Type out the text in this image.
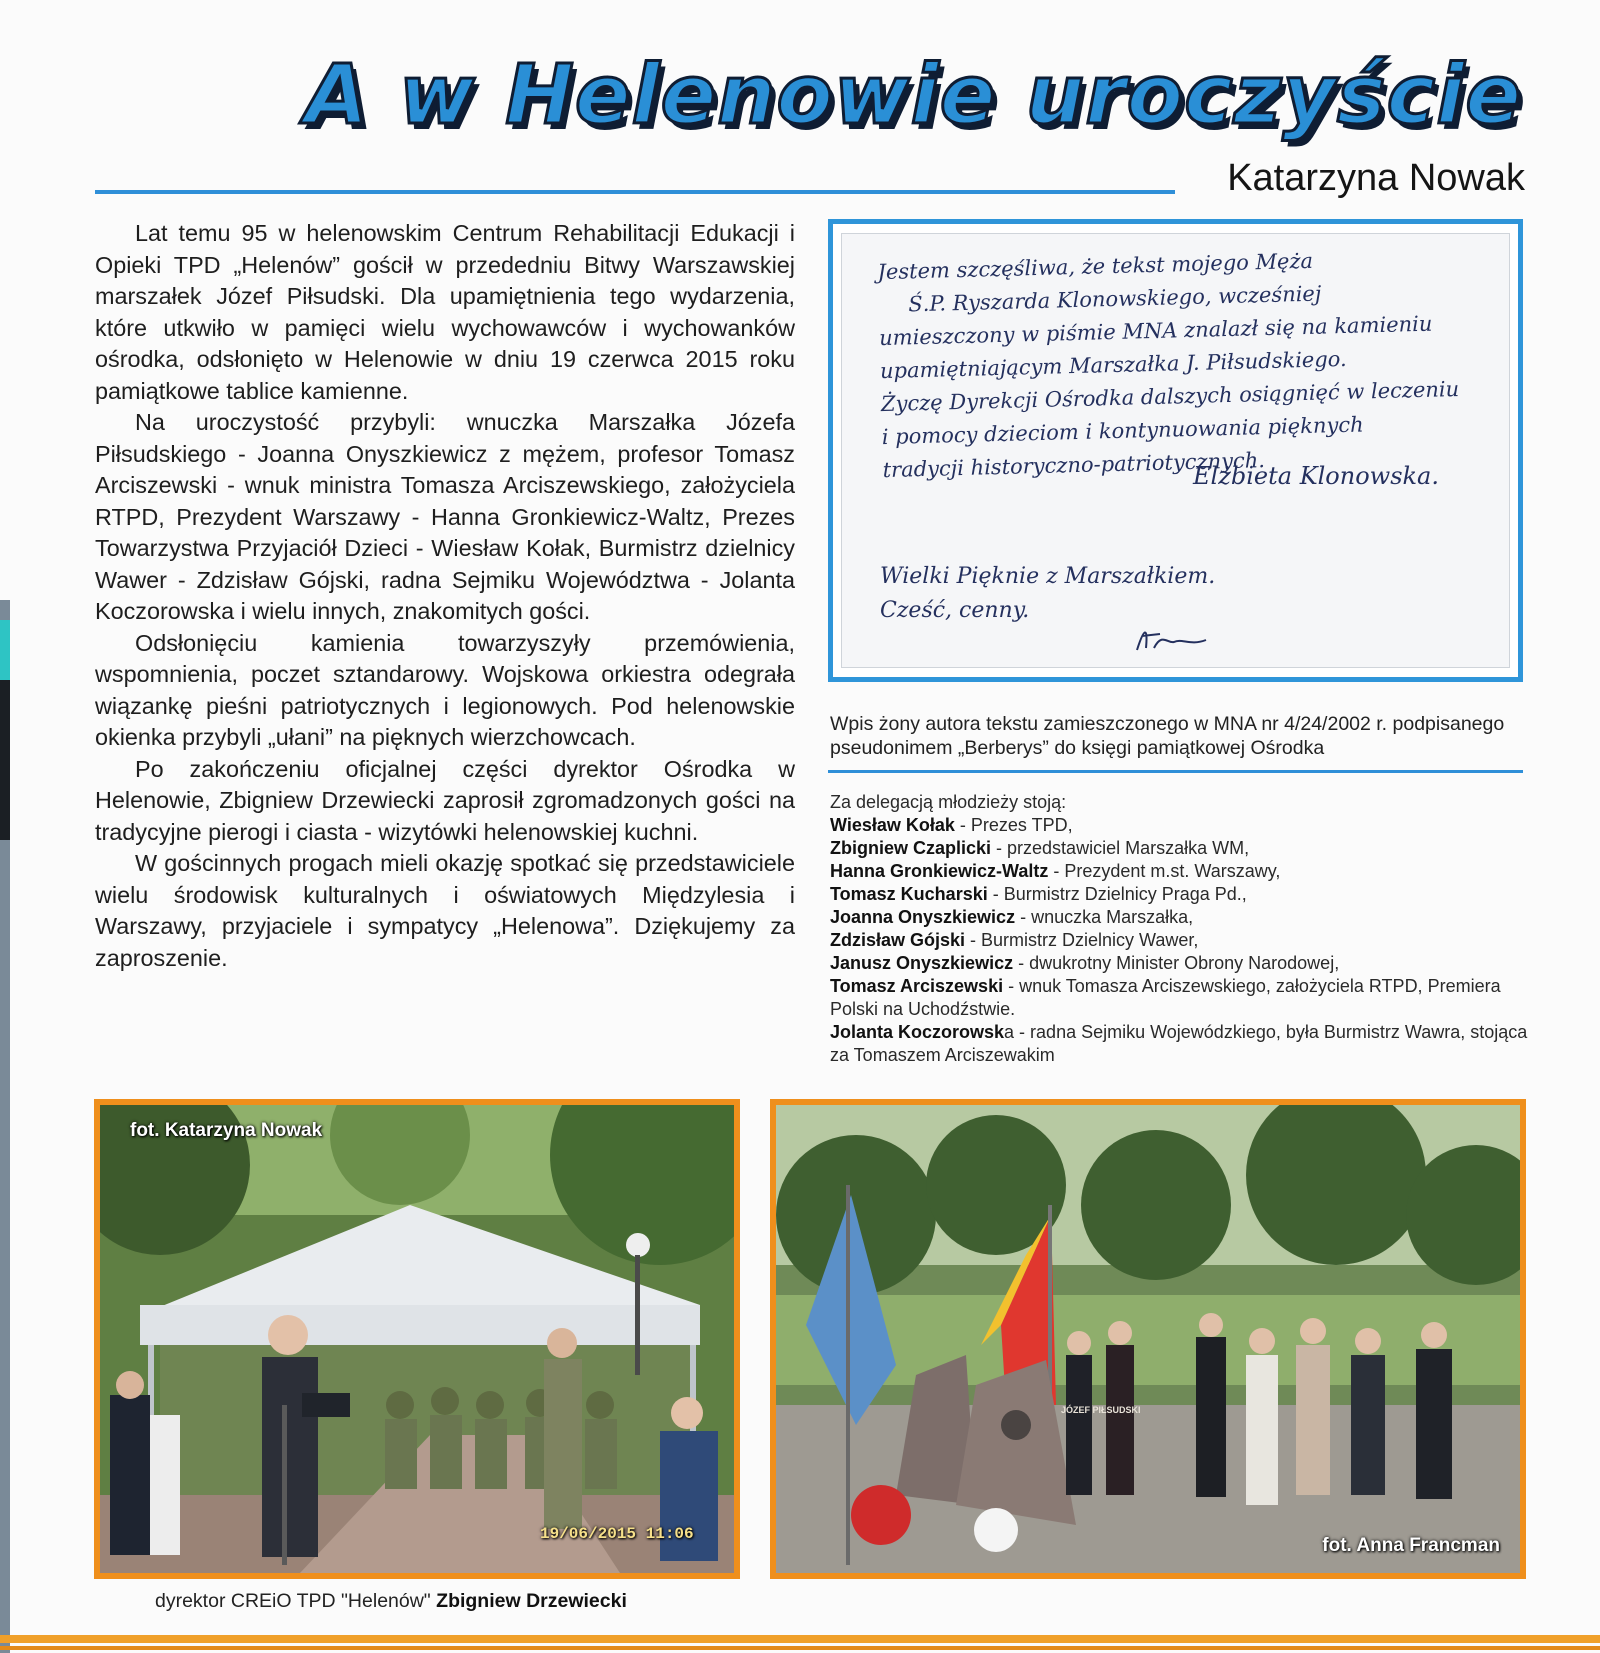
A w Helenowie uroczyście
Katarzyna Nowak

Lat temu 95 w helenowskim Centrum Rehabilitacji Edukacji i Opieki TPD „Helenów” gościł w przededniu Bitwy Warszawskiej marszałek Józef Piłsudski. Dla upamiętnienia tego wydarzenia, które utkwiło w pamięci wielu wychowawców i wychowanków ośrodka, odsłonięto w Helenowie w dniu 19 czerwca 2015 roku pamiątkowe tablice kamienne.

Na uroczystość przybyli: wnuczka Marszałka Józefa Piłsudskiego - Joanna Onyszkiewicz z mężem, profesor Tomasz Arciszewski - wnuk ministra Tomasza Arciszewskiego, założyciela RTPD, Prezydent Warszawy - Hanna Gronkiewicz-Waltz, Prezes Towarzystwa Przyjaciół Dzieci - Wiesław Kołak, Burmistrz dzielnicy Wawer - Zdzisław Gójski, radna Sejmiku Województwa - Jolanta Koczorowska i wielu innych, znakomitych gości.

Odsłonięciu kamienia towarzyszyły przemówienia, wspomnienia, poczet sztandarowy. Wojskowa orkiestra odegrała wiązankę pieśni patriotycznych i legionowych. Pod helenowskie okienka przybyli „ułani” na pięknych wierzchowcach.

Po zakończeniu oficjalnej części dyrektor Ośrodka w Helenowie, Zbigniew Drzewiecki zaprosił zgromadzonych gości na tradycyjne pierogi i ciasta - wizytówki helenowskiej kuchni.

W gościnnych progach mieli okazję spotkać się przedstawiciele wielu środowisk kulturalnych i oświatowych Międzylesia i Warszawy, przyjaciele i sympatycy „Helenowa”. Dziękujemy za zaproszenie.

Jestem szczęśliwa, że tekst mojego Męża
Ś.P. Ryszarda Klonowskiego, wcześniej
umieszczony w piśmie MNA znalazł się na kamieniu
upamiętniającym Marszałka J. Piłsudskiego.
Życzę Dyrekcji Ośrodka dalszych osiągnięć w leczeniu
i pomocy dzieciom i kontynuowania pięknych
tradycji historyczno-patriotycznych.
Elżbieta Klonowska.
Wielki Pięknie z Marszałkiem.
Cześć, cenny.
Wpis żony autora tekstu zamieszczonego w MNA nr 4/24/2002 r. podpisanego pseudonimem „Berberys” do księgi pamiątkowej Ośrodka
Za delegacją młodzieży stoją:
Wiesław Kołak - Prezes TPD,
Zbigniew Czaplicki - przedstawiciel Marszałka WM,
Hanna Gronkiewicz-Waltz - Prezydent m.st. Warszawy,
Tomasz Kucharski - Burmistrz Dzielnicy Praga Pd.,
Joanna Onyszkiewicz - wnuczka Marszałka,
Zdzisław Gójski - Burmistrz Dzielnicy Wawer,
Janusz Onyszkiewicz - dwukrotny Minister Obrony Narodowej,
Tomasz Arciszewski - wnuk Tomasza Arciszewskiego, założyciela RTPD, Premiera Polski na Uchodźstwie.
Jolanta Koczorowska - radna Sejmiku Wojewódzkiego, była Burmistrz Wawra, stojąca za Tomaszem Arciszewakim
fot. Katarzyna Nowak
19/06/2015 11:06
JÓZEF PIŁSUDSKI
fot. Anna Francman
dyrektor CREiO TPD "Helenów" Zbigniew Drzewiecki
